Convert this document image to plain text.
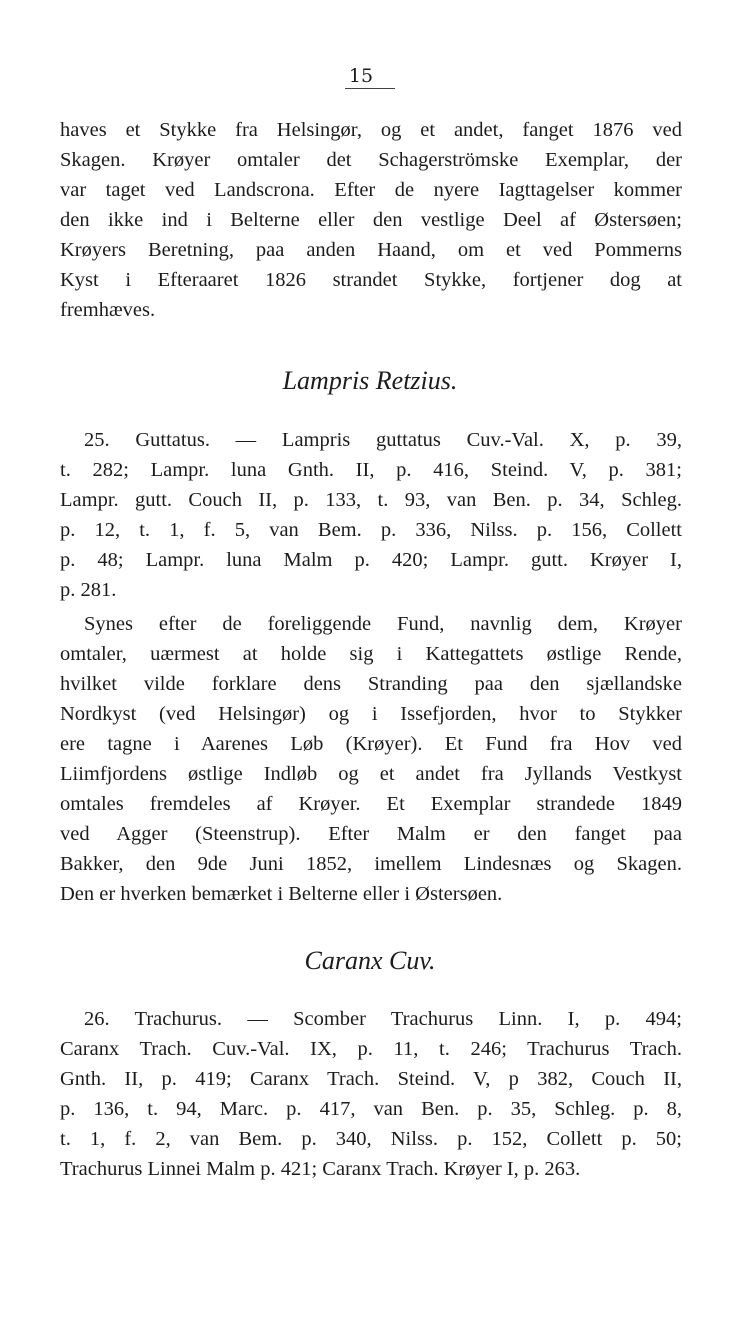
15
haves et Stykke fra Helsingør, og et andet, fanget 1876 ved
Skagen. Krøyer omtaler det Schagerströmske Exemplar, der
var taget ved Landscrona. Efter de nyere Iagttagelser kommer
den ikke ind i Belterne eller den vestlige Deel af Østersøen;
Krøyers Beretning, paa anden Haand, om et ved Pommerns
Kyst i Efteraaret 1826 strandet Stykke, fortjener dog at
fremhæves.
Lampris Retzius.
25. Guttatus. — Lampris guttatus Cuv.-Val. X, p. 39,
t. 282; Lampr. luna Gnth. II, p. 416, Steind. V, p. 381;
Lampr. gutt. Couch II, p. 133, t. 93, van Ben. p. 34, Schleg.
p. 12, t. 1, f. 5, van Bem. p. 336, Nilss. p. 156, Collett
p. 48; Lampr. luna Malm p. 420; Lampr. gutt. Krøyer I,
p. 281.
Synes efter de foreliggende Fund, navnlig dem, Krøyer
omtaler, uærmest at holde sig i Kattegattets østlige Rende,
hvilket vilde forklare dens Stranding paa den sjællandske
Nordkyst (ved Helsingør) og i Issefjorden, hvor to Stykker
ere tagne i Aarenes Løb (Krøyer). Et Fund fra Hov ved
Liimfjordens østlige Indløb og et andet fra Jyllands Vestkyst
omtales fremdeles af Krøyer. Et Exemplar strandede 1849
ved Agger (Steenstrup). Efter Malm er den fanget paa
Bakker, den 9de Juni 1852, imellem Lindesnæs og Skagen.
Den er hverken bemærket i Belterne eller i Østersøen.
Caranx Cuv.
26. Trachurus. — Scomber Trachurus Linn. I, p. 494;
Caranx Trach. Cuv.-Val. IX, p. 11, t. 246; Trachurus Trach.
Gnth. II, p. 419; Caranx Trach. Steind. V, p 382, Couch II,
p. 136, t. 94, Marc. p. 417, van Ben. p. 35, Schleg. p. 8,
t. 1, f. 2, van Bem. p. 340, Nilss. p. 152, Collett p. 50;
Trachurus Linnei Malm p. 421; Caranx Trach. Krøyer I, p. 263.
